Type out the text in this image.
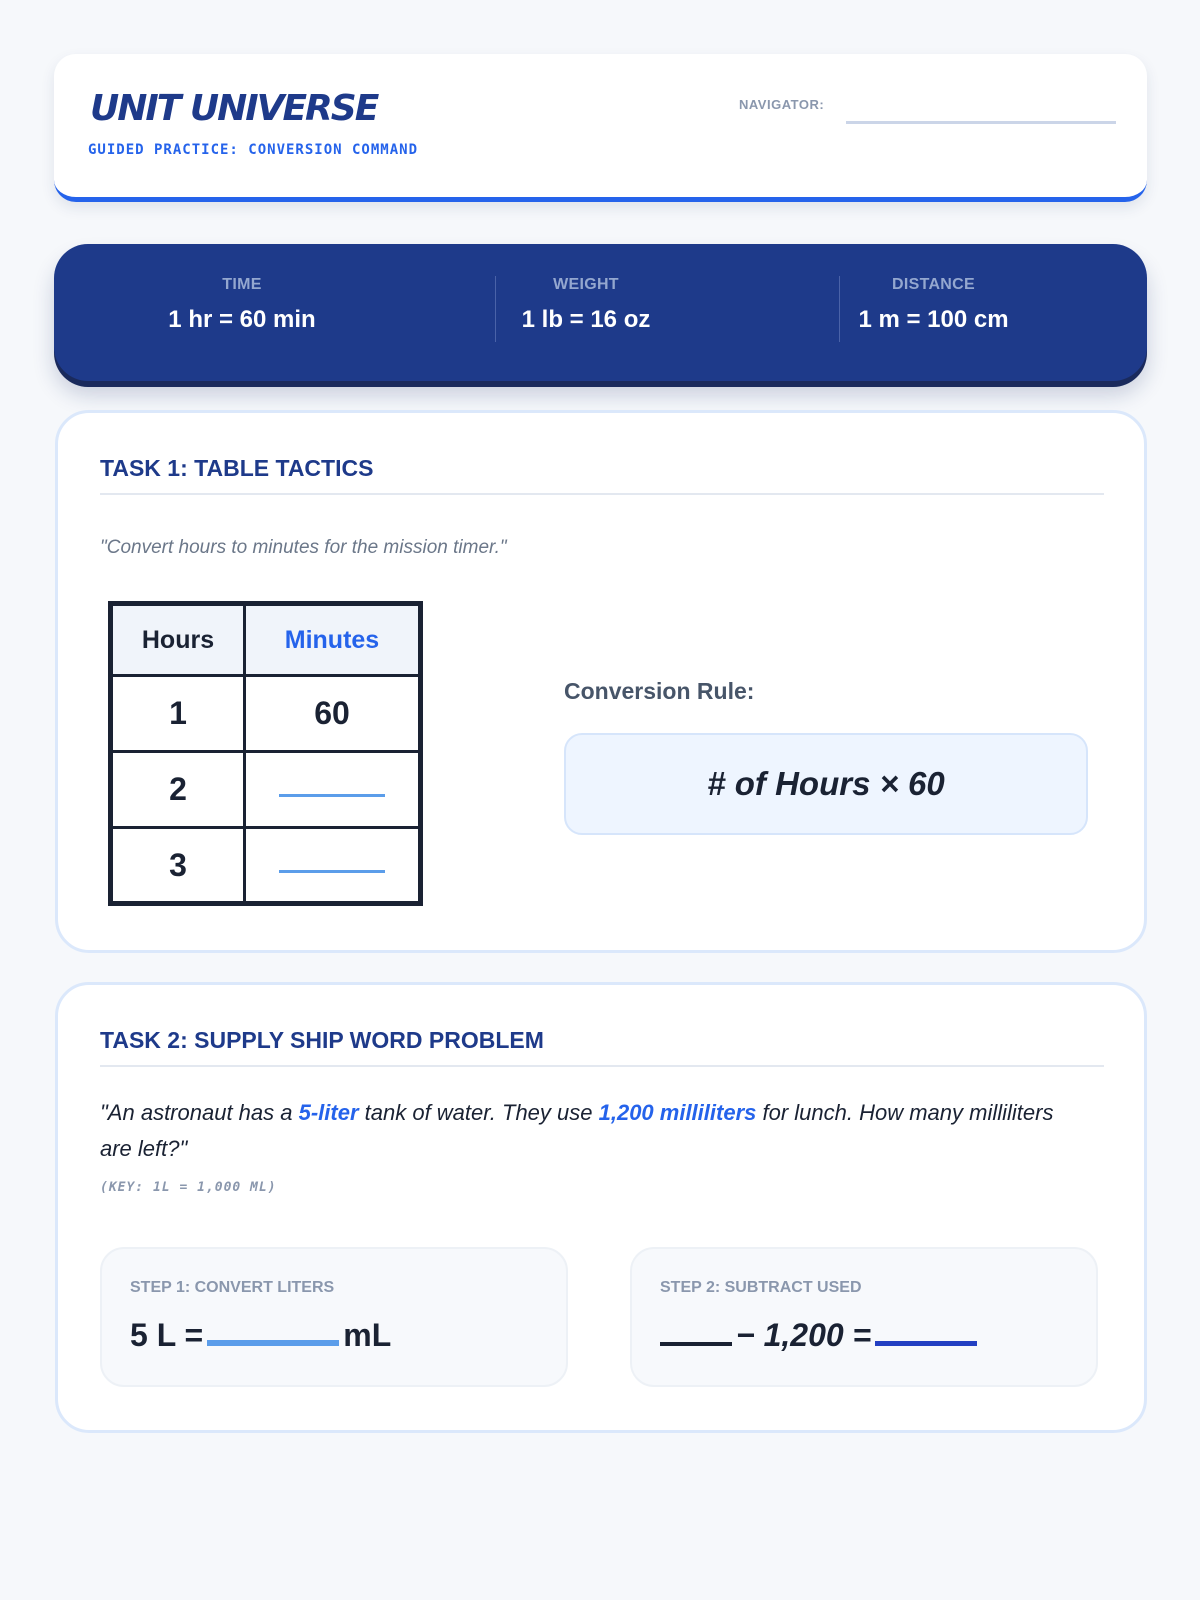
UNIT UNIVERSE
GUIDED PRACTICE: CONVERSION COMMAND
NAVIGATOR:
TIME
1 hr = 60 min
WEIGHT
1 lb = 16 oz
DISTANCE
1 m = 100 cm
TASK 1: TABLE TACTICS
"Convert hours to minutes for the mission timer."
Hours	Minutes
1	60
2	
3	
Conversion Rule:
# of Hours × 60
TASK 2: SUPPLY SHIP WORD PROBLEM
"An astronaut has a 5-liter tank of water. They use 1,200 milliliters for lunch. How many milliliters are left?"
(KEY: 1L = 1,000 ML)
STEP 1: CONVERT LITERS
5 L =	mL
STEP 2: SUBTRACT USED
− 1,200 =
